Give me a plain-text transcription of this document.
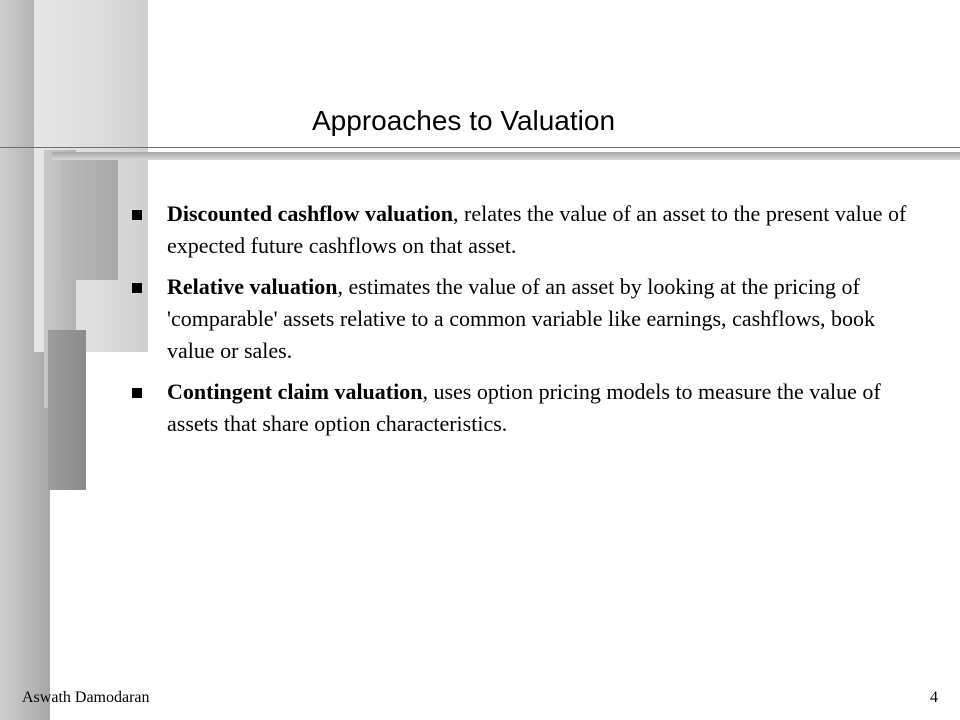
Approaches to Valuation
Discounted cashflow valuation, relates the value of an asset to the present value of expected future cashflows on that asset.
Relative valuation, estimates the value of an asset by looking at the pricing of 'comparable' assets relative to a common variable like earnings, cashflows, book value or sales.
Contingent claim valuation, uses option pricing models to measure the value of assets that share option characteristics.
Aswath Damodaran	4
